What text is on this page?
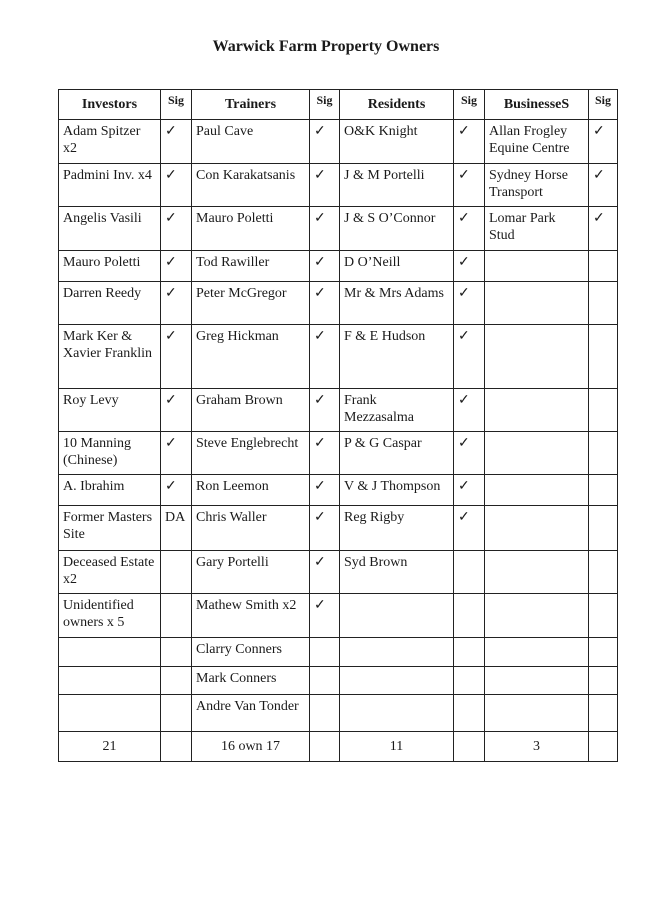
Warwick Farm Property Owners
Investors	Sig	Trainers	Sig	Residents	Sig	BusinesseS	Sig
Adam Spitzer x2	✓	Paul Cave	✓	O&K Knight	✓	Allan Frogley Equine Centre	✓
Padmini Inv. x4	✓	Con Karakatsanis	✓	J & M Portelli	✓	Sydney Horse Transport	✓
Angelis Vasili	✓	Mauro Poletti	✓	J & S O’Connor	✓	Lomar Park Stud	✓
Mauro Poletti	✓	Tod Rawiller	✓	D O’Neill	✓		
Darren Reedy	✓	Peter McGregor	✓	Mr & Mrs Adams	✓		
Mark Ker & Xavier Franklin	✓	Greg Hickman	✓	F & E Hudson	✓		
Roy Levy	✓	Graham Brown	✓	Frank Mezzasalma	✓		
10 Manning (Chinese)	✓	Steve Englebrecht	✓	P & G Caspar	✓		
A. Ibrahim	✓	Ron Leemon	✓	V & J Thompson	✓		
Former Masters Site	DA	Chris Waller	✓	Reg Rigby	✓		
Deceased Estate x2		Gary Portelli	✓	Syd Brown			
Unidentified owners x 5		Mathew Smith x2	✓				
		Clarry Conners					
		Mark Conners					
		Andre Van Tonder					
21		16 own 17		11		3	
